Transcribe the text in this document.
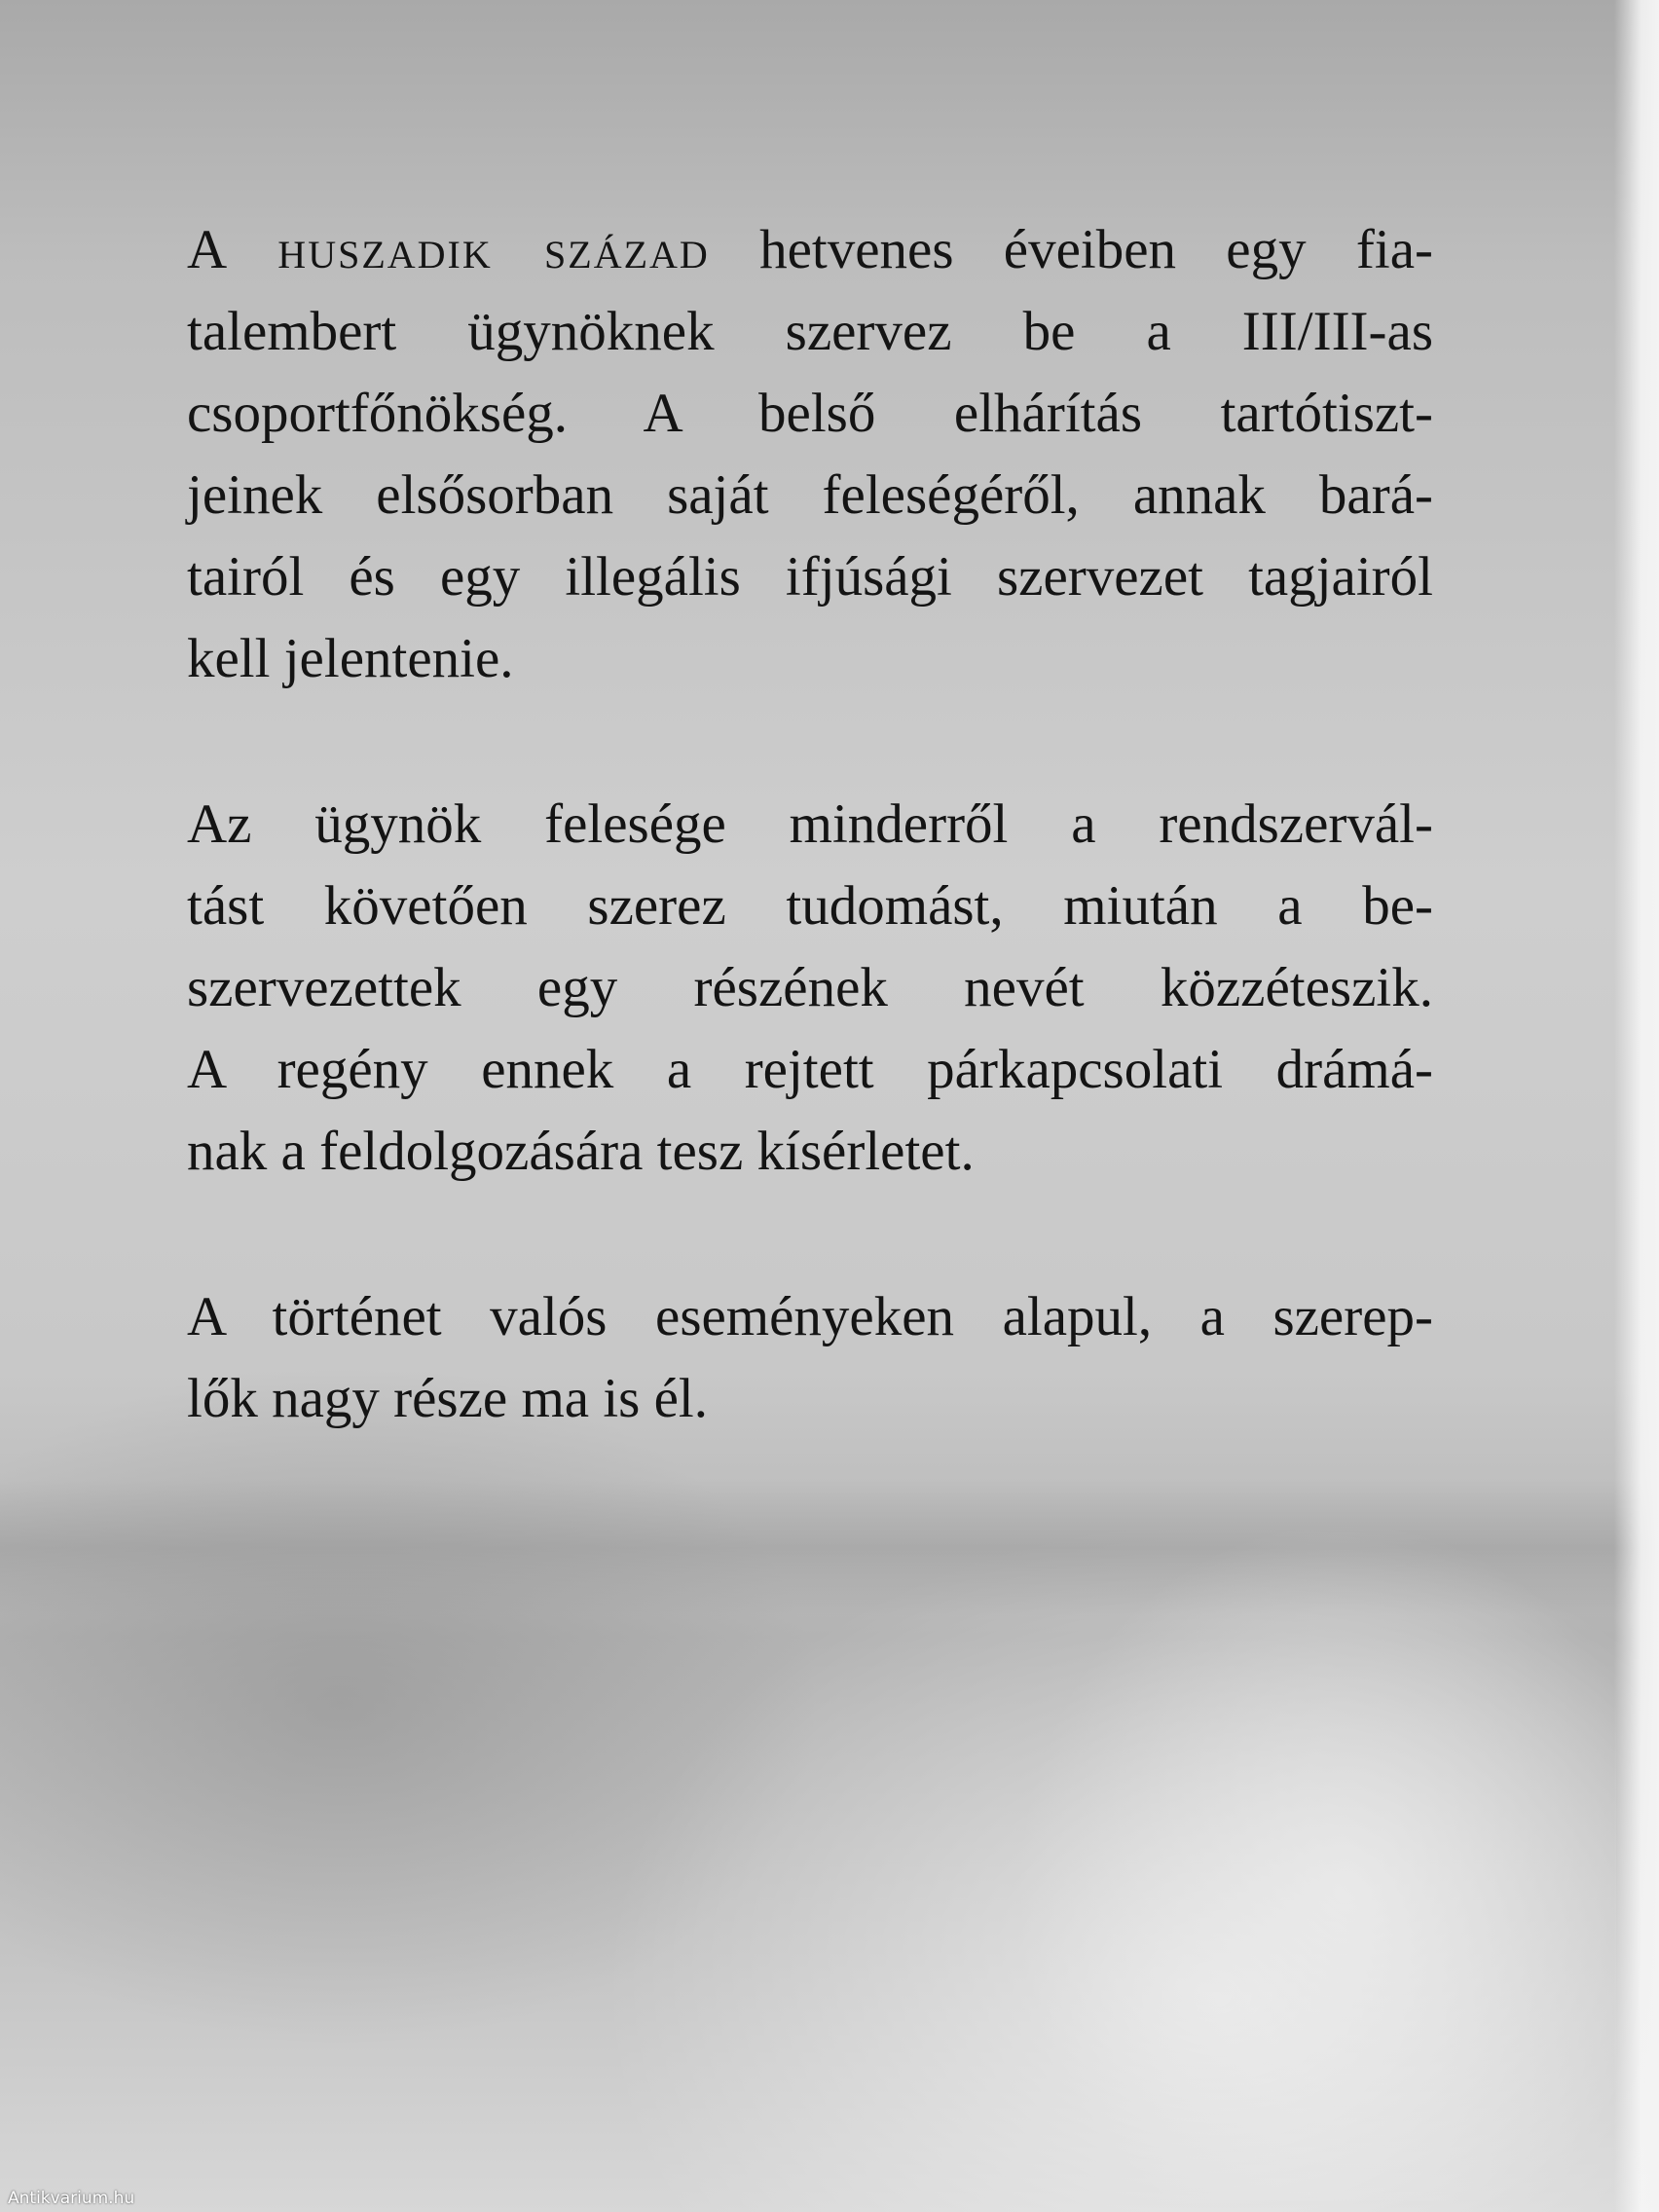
A huszadik század hetvenes éveiben egy fia-
talembert ügynöknek szervez be a III/III-as
csoportfőnökség. A belső elhárítás tartótiszt-
jeinek elsősorban saját feleségéről, annak bará-
tairól és egy illegális ifjúsági szervezet tagjairól
kell jelentenie.

Az ügynök felesége minderről a rendszervál-
tást követően szerez tudomást, miután a be-
szervezettek egy részének nevét közzéteszik.
A regény ennek a rejtett párkapcsolati drámá-
nak a feldolgozására tesz kísérletet.

A történet valós eseményeken alapul, a szerep-
lők nagy része ma is él.

Antikvarium.hu
